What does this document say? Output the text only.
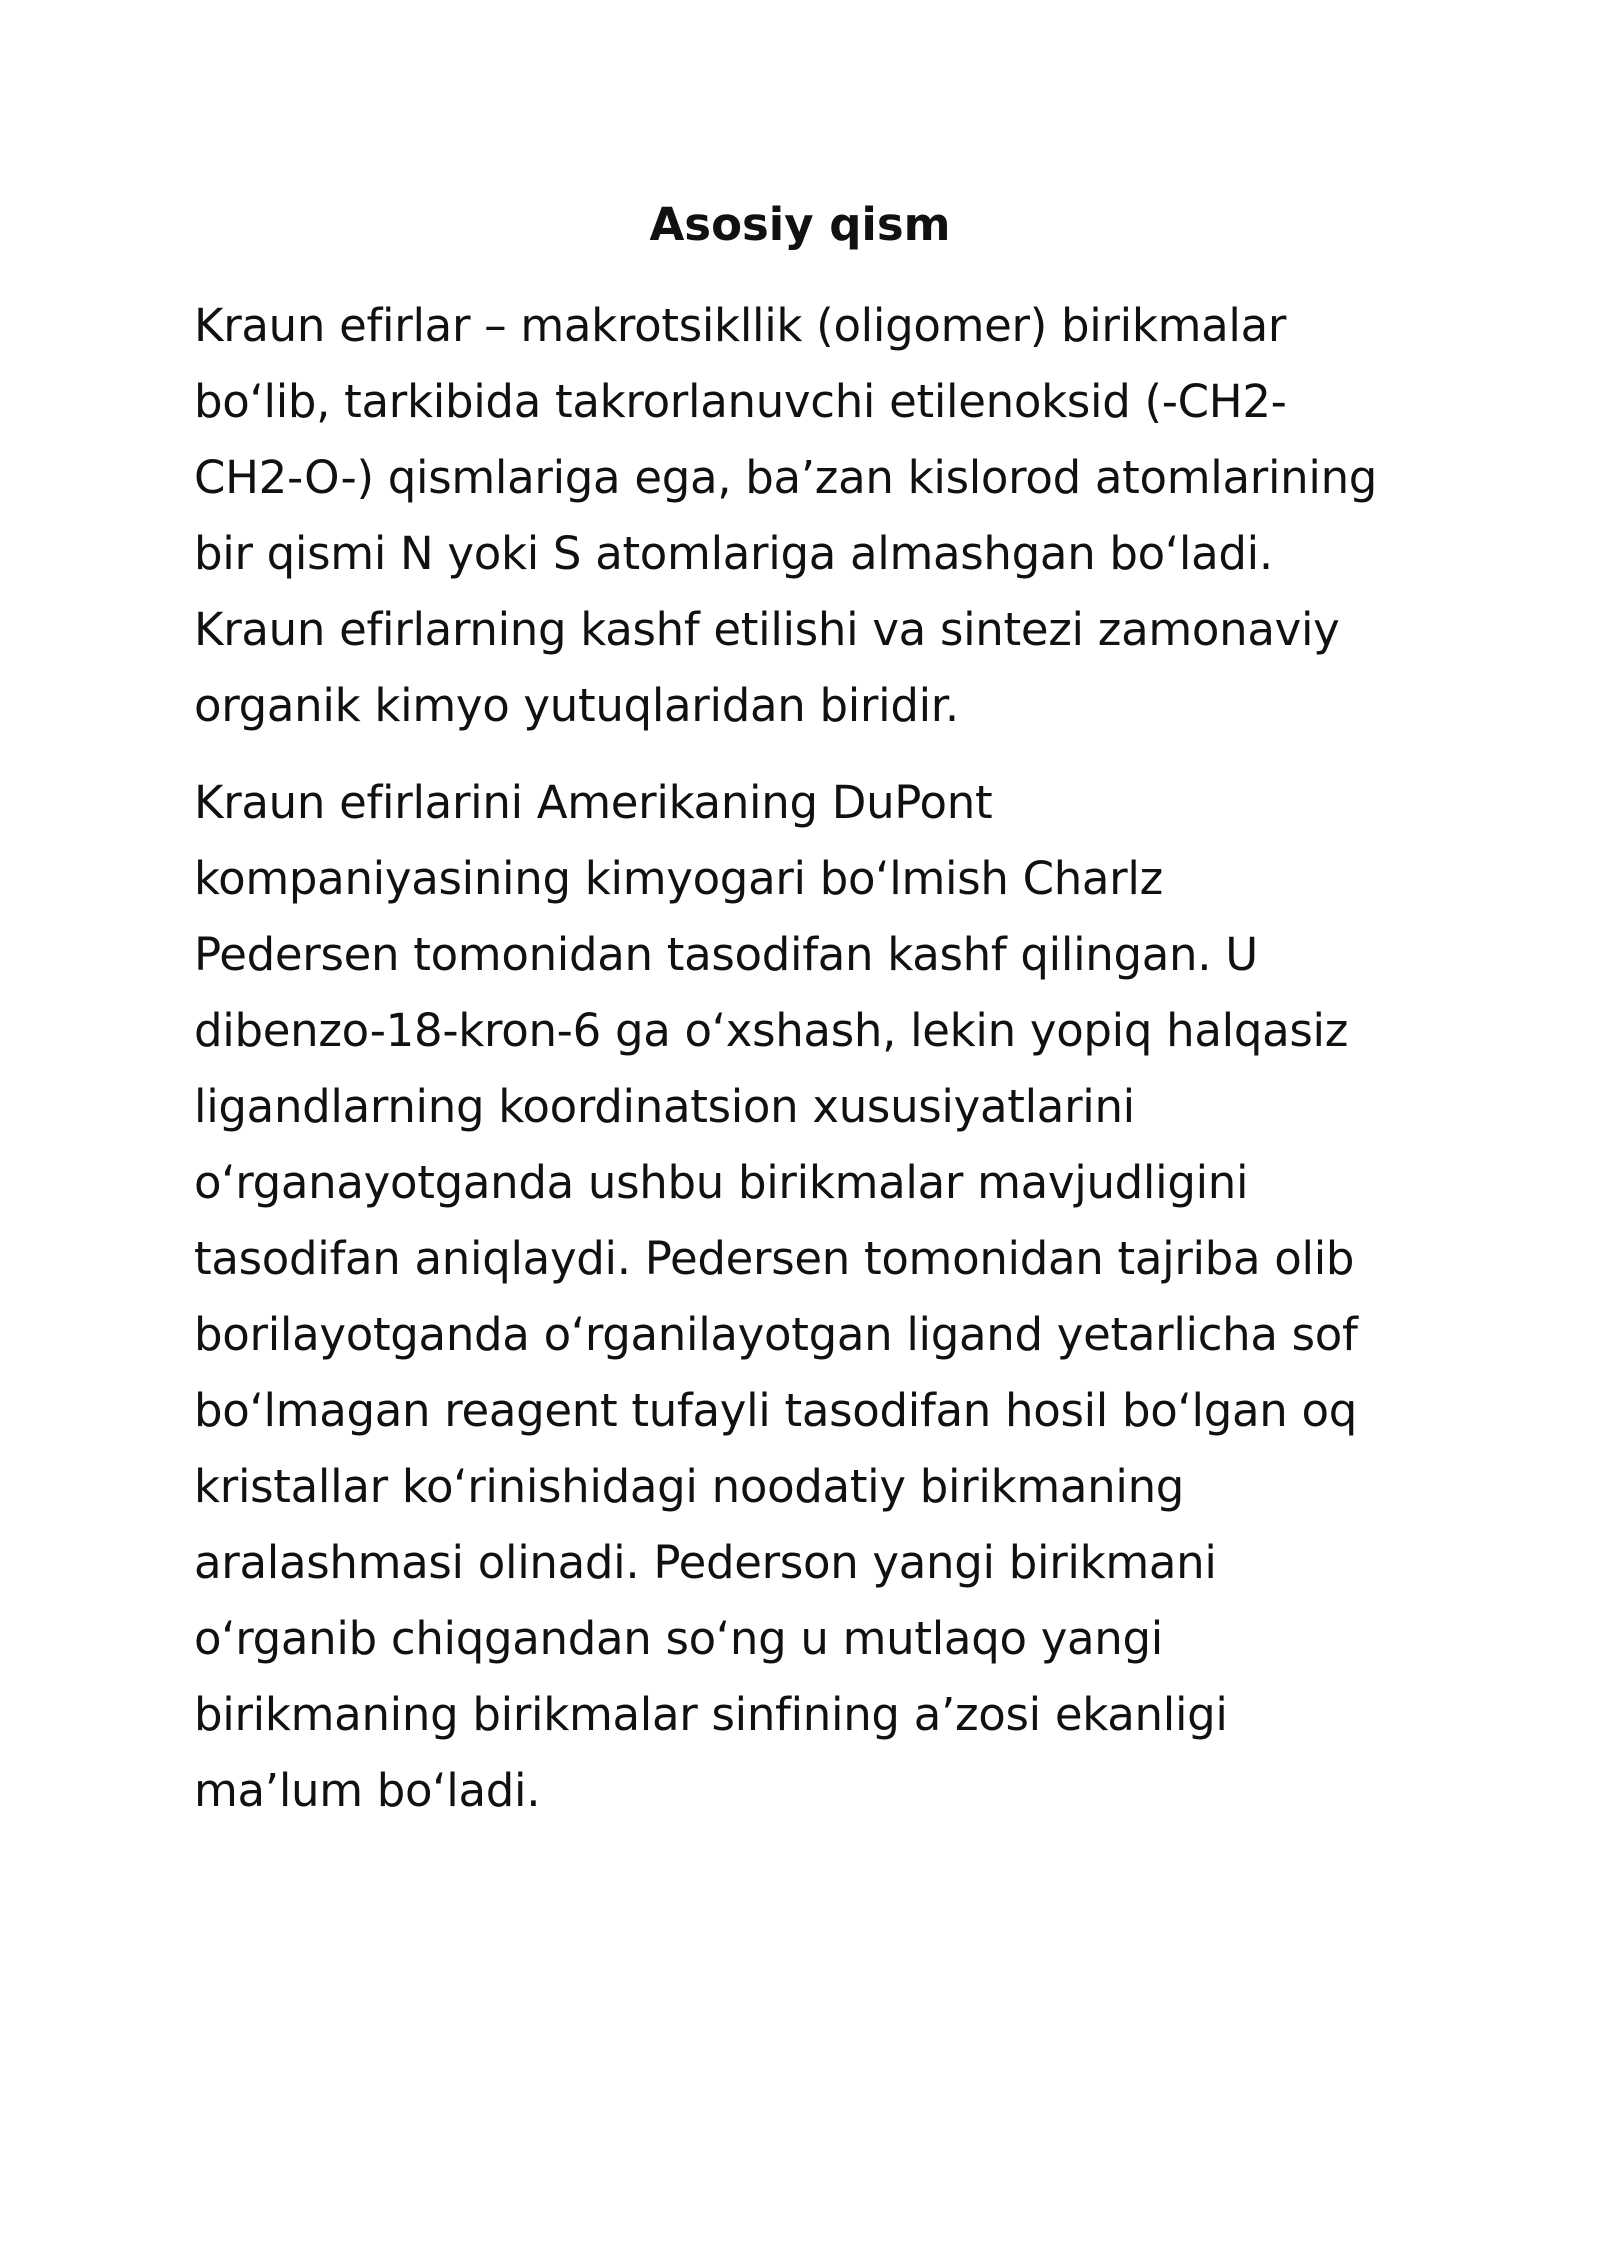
Asosiy qism
Kraun efirlar – makrotsikllik (oligomer) birikmalar
boʻlib, tarkibida takrorlanuvchi etilenoksid (-CH2-
CH2-O-) qismlariga ega, baʼzan kislorod atomlarining
bir qismi N yoki S atomlariga almashgan boʻladi.
Kraun efirlarning kashf etilishi va sintezi zamonaviy
organik kimyo yutuqlaridan biridir.
Kraun efirlarini Amerikaning DuPont
kompaniyasining kimyogari boʻlmish Charlz
Pedersen tomonidan tasodifan kashf qilingan. U
dibenzo-18-kron-6 ga oʻxshash, lekin yopiq halqasiz
ligandlarning koordinatsion xususiyatlarini
oʻrganayotganda ushbu birikmalar mavjudligini
tasodifan aniqlaydi. Pedersen tomonidan tajriba olib
borilayotganda oʻrganilayotgan ligand yetarlicha sof
boʻlmagan reagent tufayli tasodifan hosil boʻlgan oq
kristallar koʻrinishidagi noodatiy birikmaning
aralashmasi olinadi. Pederson yangi birikmani
oʻrganib chiqgandan soʻng u mutlaqo yangi
birikmaning birikmalar sinfining aʼzosi ekanligi
maʼlum boʻladi.
